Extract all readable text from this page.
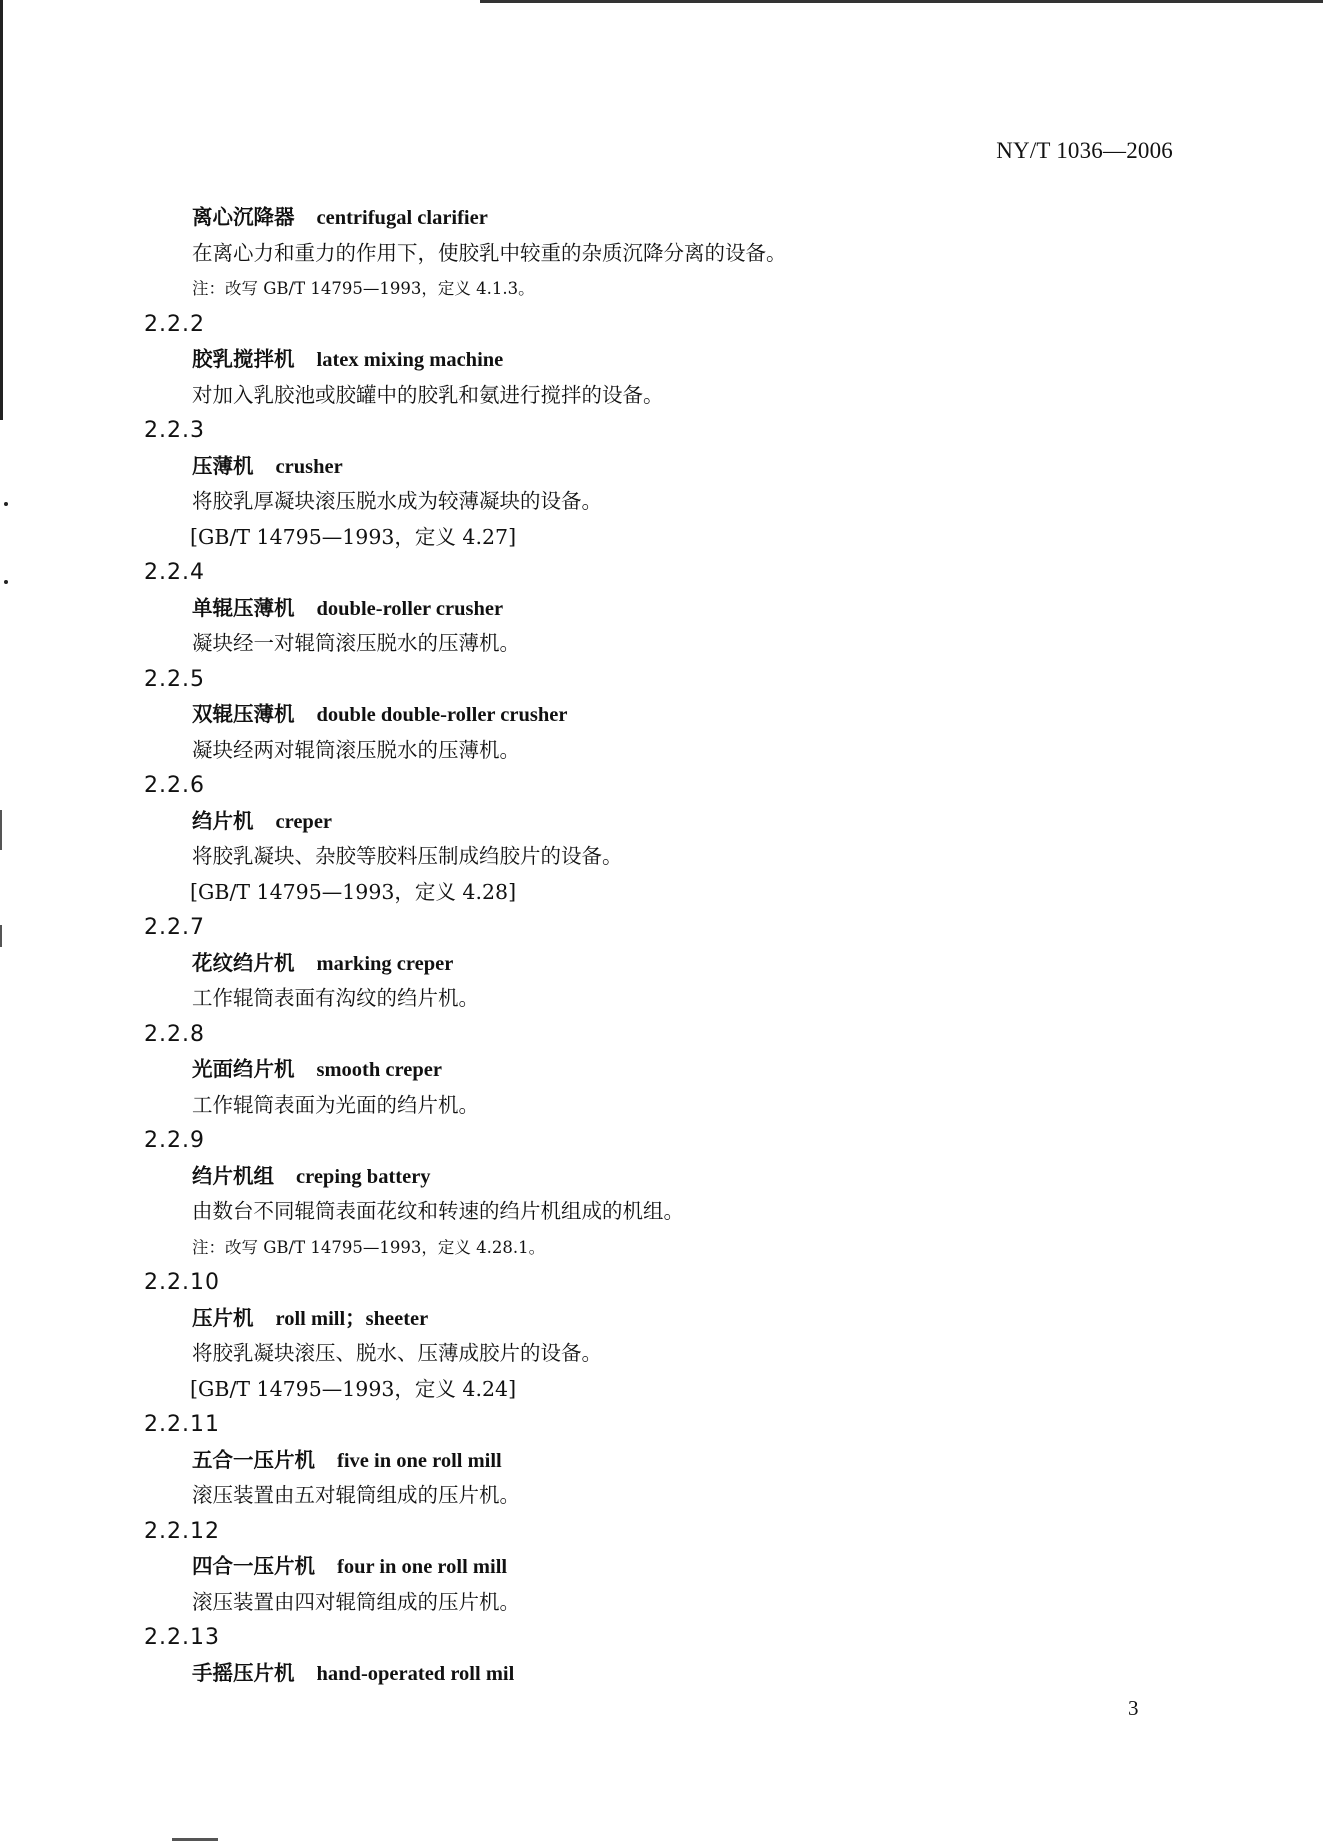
NY/T 1036—2006
离心沉降器 centrifugal clarifier
在离心力和重力的作用下，使胶乳中较重的杂质沉降分离的设备。
注：改写 GB/T 14795—1993，定义 4.1.3。
2.2.2
胶乳搅拌机 latex mixing machine
对加入乳胶池或胶罐中的胶乳和氨进行搅拌的设备。
2.2.3
压薄机 crusher
将胶乳厚凝块滚压脱水成为较薄凝块的设备。
[GB/T 14795—1993，定义 4.27]
2.2.4
单辊压薄机 double-roller crusher
凝块经一对辊筒滚压脱水的压薄机。
2.2.5
双辊压薄机 double double-roller crusher
凝块经两对辊筒滚压脱水的压薄机。
2.2.6
绉片机 creper
将胶乳凝块、杂胶等胶料压制成绉胶片的设备。
[GB/T 14795—1993，定义 4.28]
2.2.7
花纹绉片机 marking creper
工作辊筒表面有沟纹的绉片机。
2.2.8
光面绉片机 smooth creper
工作辊筒表面为光面的绉片机。
2.2.9
绉片机组 creping battery
由数台不同辊筒表面花纹和转速的绉片机组成的机组。
注：改写 GB/T 14795—1993，定义 4.28.1。
2.2.10
压片机 roll mill；sheeter
将胶乳凝块滚压、脱水、压薄成胶片的设备。
[GB/T 14795—1993，定义 4.24]
2.2.11
五合一压片机 five in one roll mill
滚压装置由五对辊筒组成的压片机。
2.2.12
四合一压片机 four in one roll mill
滚压装置由四对辊筒组成的压片机。
2.2.13
手摇压片机 hand-operated roll mil
3
